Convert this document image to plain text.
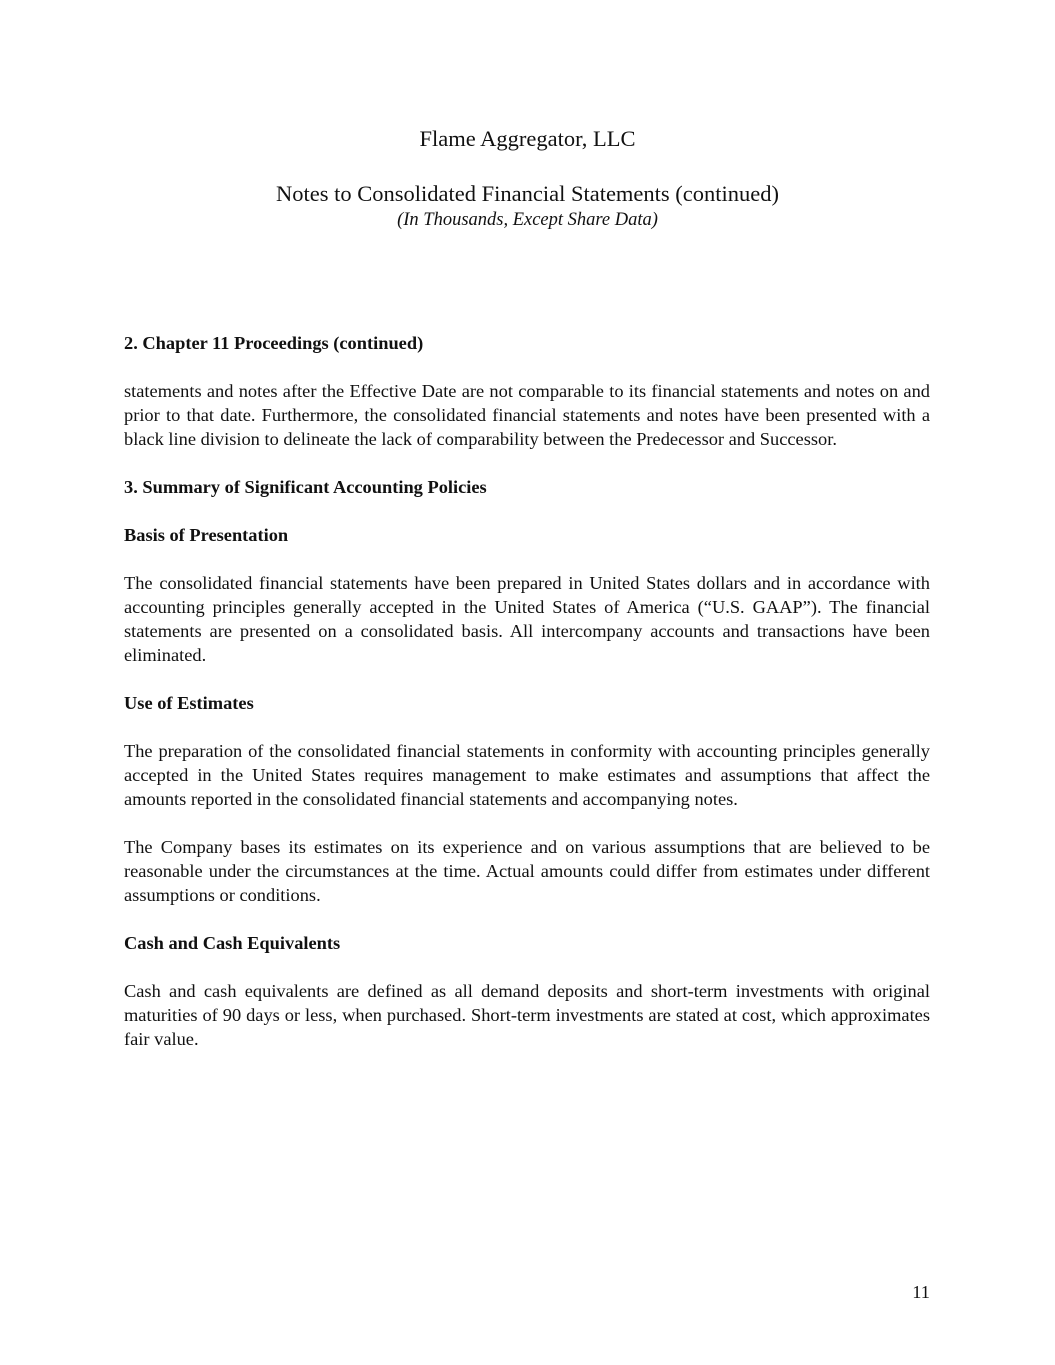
Flame Aggregator, LLC
Notes to Consolidated Financial Statements (continued)
(In Thousands, Except Share Data)

2. Chapter 11 Proceedings (continued)

statements and notes after the Effective Date are not comparable to its financial statements and notes on and prior to that date. Furthermore, the consolidated financial statements and notes have been presented with a black line division to delineate the lack of comparability between the Predecessor and Successor.

3. Summary of Significant Accounting Policies

Basis of Presentation

The consolidated financial statements have been prepared in United States dollars and in accordance with accounting principles generally accepted in the United States of America (“U.S. GAAP”). The financial statements are presented on a consolidated basis. All intercompany accounts and transactions have been eliminated.

Use of Estimates

The preparation of the consolidated financial statements in conformity with accounting principles generally accepted in the United States requires management to make estimates and assumptions that affect the amounts reported in the consolidated financial statements and accompanying notes.

The Company bases its estimates on its experience and on various assumptions that are believed to be reasonable under the circumstances at the time. Actual amounts could differ from estimates under different assumptions or conditions.

Cash and Cash Equivalents

Cash and cash equivalents are defined as all demand deposits and short-term investments with original maturities of 90 days or less, when purchased. Short-term investments are stated at cost, which approximates fair value.

11
